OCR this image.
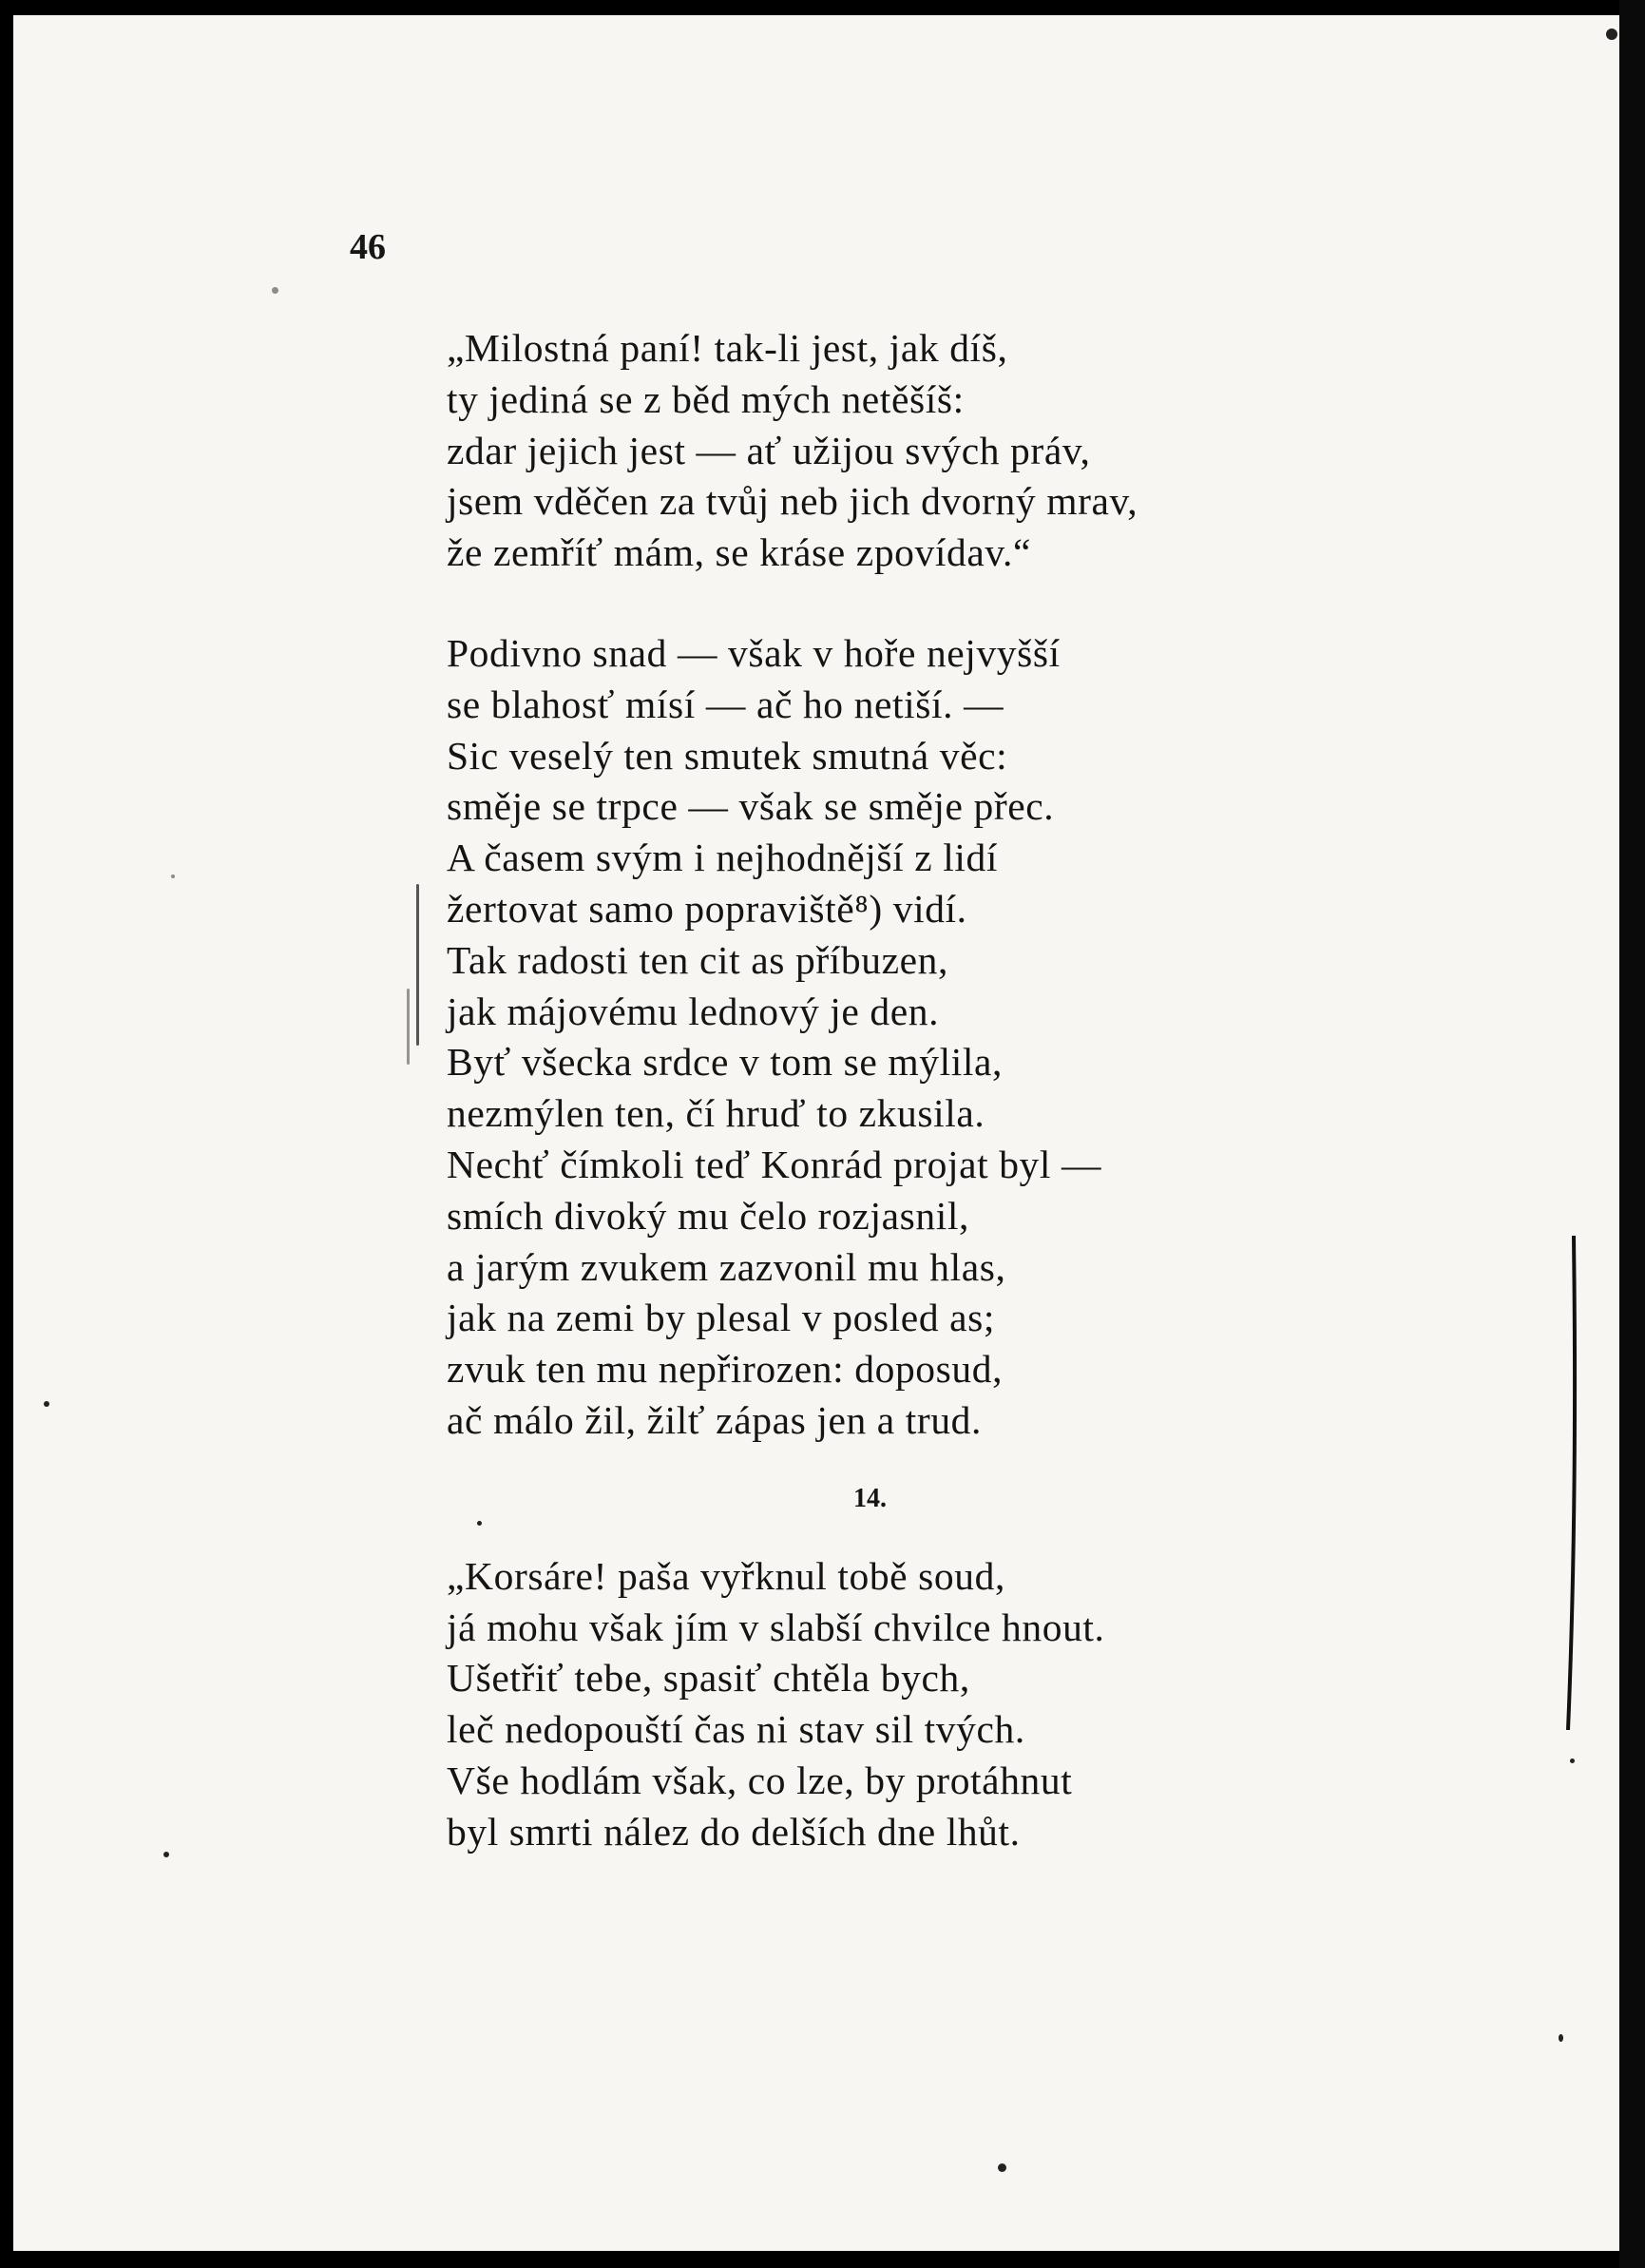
46
„Milostná paní! tak-li jest, jak díš,
ty jediná se z běd mých netěšíš:
zdar jejich jest — ať užijou svých práv,
jsem vděčen za tvůj neb jich dvorný mrav,
že zemříť mám, se kráse zpovídav.“
Podivno snad — však v hoře nejvyšší
se blahosť mísí — ač ho netiší. —
Sic veselý ten smutek smutná věc:
směje se trpce — však se směje přec.
A časem svým i nejhodnější z lidí
žertovat samo popraviště⁸) vidí.
Tak radosti ten cit as příbuzen,
jak májovému lednový je den.
Byť všecka srdce v tom se mýlila,
nezmýlen ten, čí hruď to zkusila.
Nechť čímkoli teď Konrád projat byl —
smích divoký mu čelo rozjasnil,
a jarým zvukem zazvonil mu hlas,
jak na zemi by plesal v posled as;
zvuk ten mu nepřirozen: doposud,
ač málo žil, žilť zápas jen a trud.
14.
„Korsáre! paša vyřknul tobě soud,
já mohu však jím v slabší chvilce hnout.
Ušetřiť tebe, spasiť chtěla bych,
leč nedopouští čas ni stav sil tvých.
Vše hodlám však, co lze, by protáhnut
byl smrti nález do delších dne lhůt.
